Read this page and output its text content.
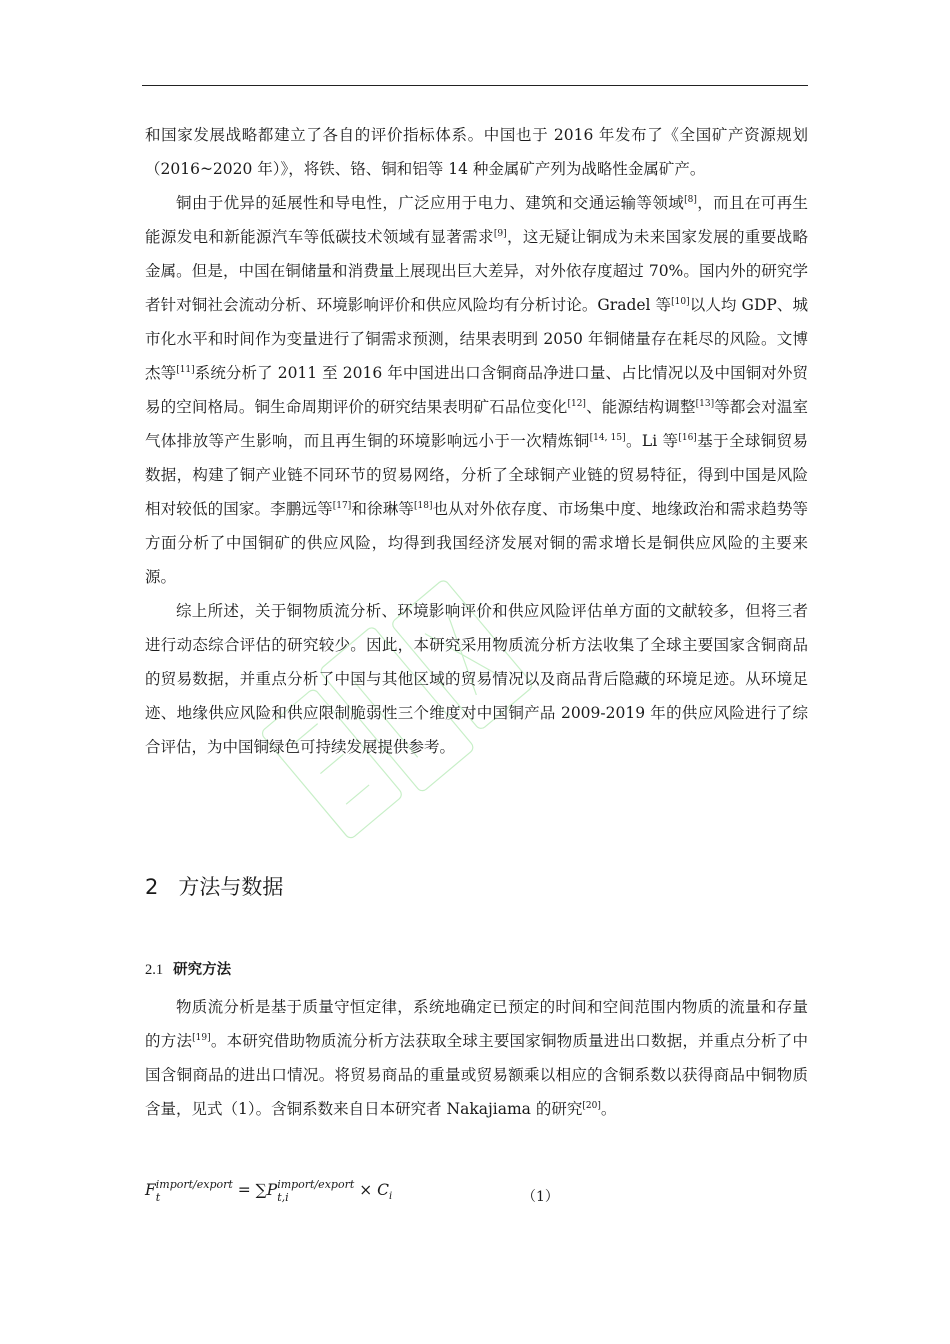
和国家发展战略都建立了各自的评价指标体系。中国也于 2016 年发布了《全国矿产资源规划（2016~2020 年）》，将铁、铬、铜和铝等 14 种金属矿产列为战略性金属矿产。

铜由于优异的延展性和导电性，广泛应用于电力、建筑和交通运输等领域[8]，而且在可再生能源发电和新能源汽车等低碳技术领域有显著需求[9]，这无疑让铜成为未来国家发展的重要战略金属。但是，中国在铜储量和消费量上展现出巨大差异，对外依存度超过 70%。国内外的研究学者针对铜社会流动分析、环境影响评价和供应风险均有分析讨论。Gradel 等[10]以人均 GDP、城市化水平和时间作为变量进行了铜需求预测，结果表明到 2050 年铜储量存在耗尽的风险。文博杰等[11]系统分析了 2011 至 2016 年中国进出口含铜商品净进口量、占比情况以及中国铜对外贸易的空间格局。铜生命周期评价的研究结果表明矿石品位变化[12]、能源结构调整[13]等都会对温室气体排放等产生影响，而且再生铜的环境影响远小于一次精炼铜[14, 15]。Li 等[16]基于全球铜贸易数据，构建了铜产业链不同环节的贸易网络，分析了全球铜产业链的贸易特征，得到中国是风险相对较低的国家。李鹏远等[17]和徐琳等[18]也从对外依存度、市场集中度、地缘政治和需求趋势等方面分析了中国铜矿的供应风险，均得到我国经济发展对铜的需求增长是铜供应风险的主要来源。

综上所述，关于铜物质流分析、环境影响评价和供应风险评估单方面的文献较多，但将三者进行动态综合评估的研究较少。因此，本研究采用物质流分析方法收集了全球主要国家含铜商品的贸易数据，并重点分析了中国与其他区域的贸易情况以及商品背后隐藏的环境足迹。从环境足迹、地缘供应风险和供应限制脆弱性三个维度对中国铜产品 2009-2019 年的供应风险进行了综合评估，为中国铜绿色可持续发展提供参考。

2 方法与数据
2.1 研究方法

物质流分析是基于质量守恒定律，系统地确定已预定的时间和空间范围内物质的流量和存量的方法[19]。本研究借助物质流分析方法获取全球主要国家铜物质量进出口数据，并重点分析了中国含铜商品的进出口情况。将贸易商品的重量或贸易额乘以相应的含铜系数以获得商品中铜物质含量，见式（1）。含铜系数来自日本研究者 Nakajiama 的研究[20]。

F import/export
t	= ∑P import/export
t,i	× $C_i$	（1）
